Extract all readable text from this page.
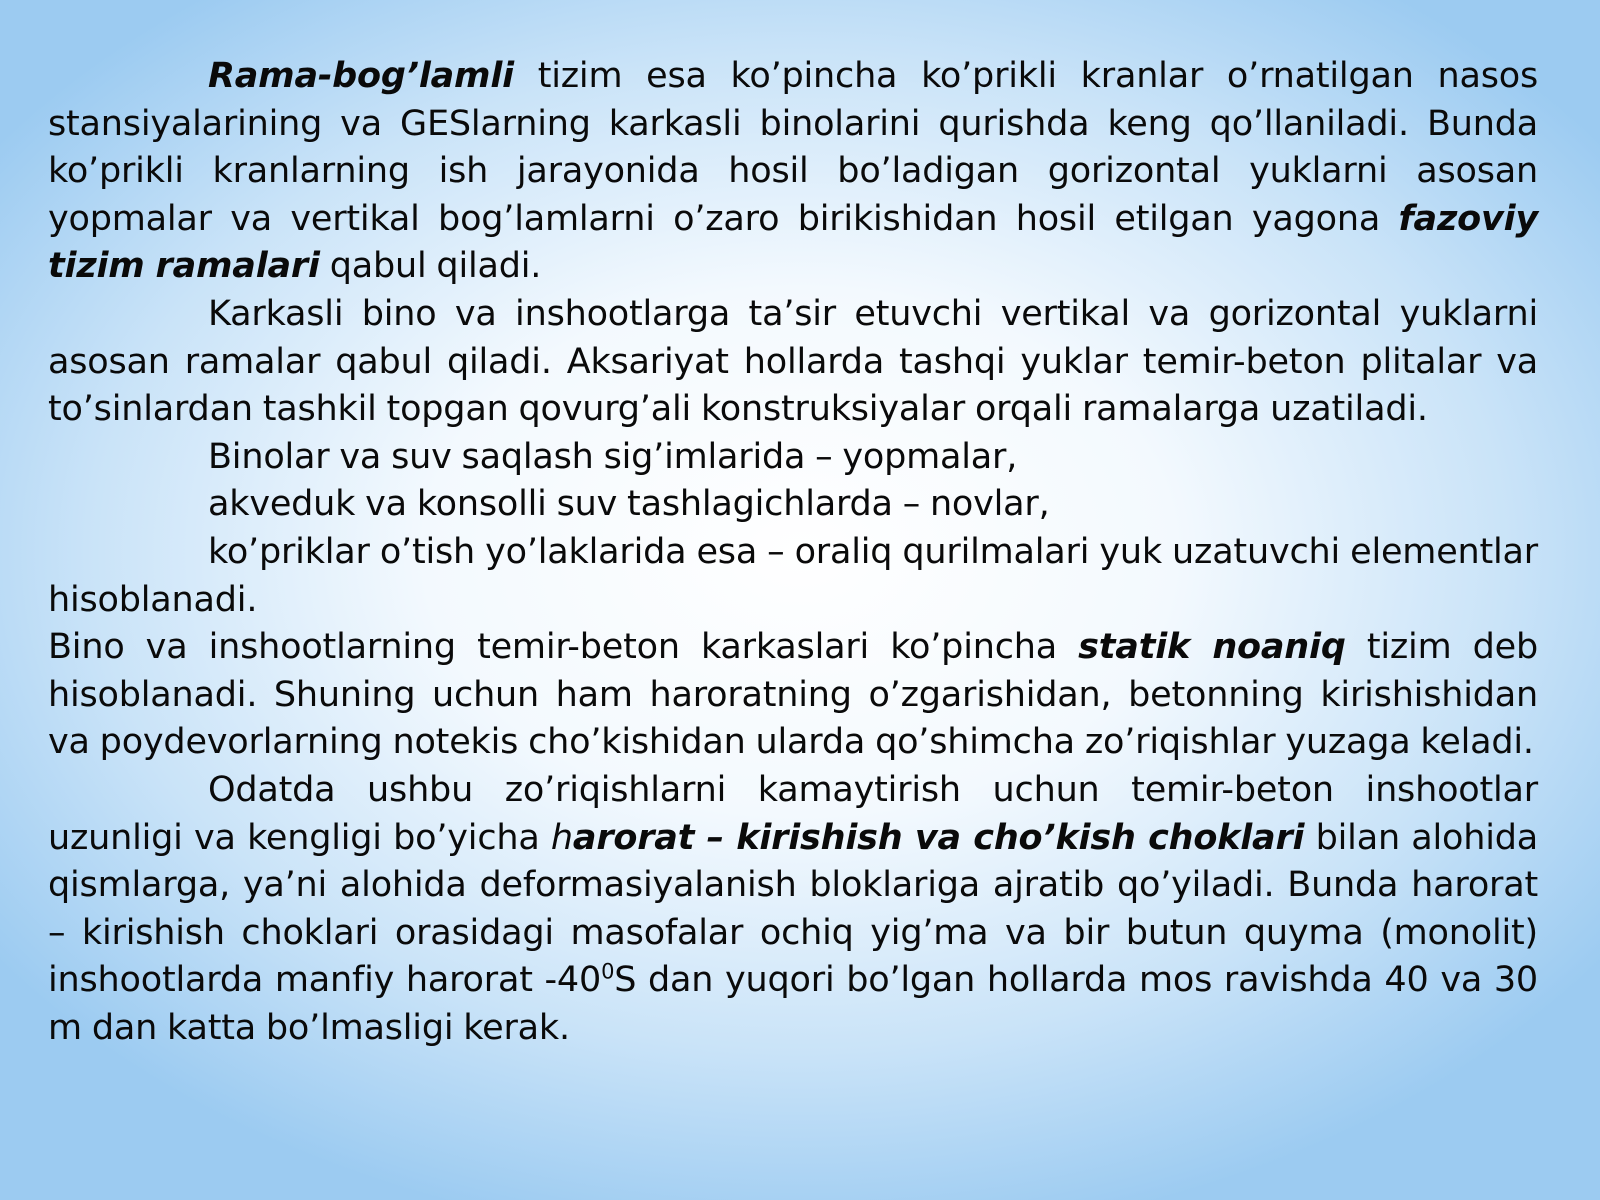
Rama-bog’lamli tizim esa ko’pincha ko’prikli kranlar o’rnatilgan nasos stansiyalarining va GESlarning karkasli binolarini qurishda keng qo’llaniladi. Bunda ko’prikli kranlarning ish jarayonida hosil bo’ladigan gorizontal yuklarni asosan yopmalar va vertikal bog’lamlarni o’zaro birikishidan hosil etilgan yagona fazoviy tizim ramalari qabul qiladi.

Karkasli bino va inshootlarga ta’sir etuvchi vertikal va gorizontal yuklarni asosan ramalar qabul qiladi. Aksariyat hollarda tashqi yuklar temir-beton plitalar va to’sinlardan tashkil topgan qovurg’ali konstruksiyalar orqali ramalarga uzatiladi.

Binolar va suv saqlash sig’imlarida – yopmalar,

akveduk va konsolli suv tashlagichlarda – novlar,

ko’priklar o’tish yo’laklarida esa – oraliq qurilmalari yuk uzatuvchi elementlar hisoblanadi.

Bino va inshootlarning temir-beton karkaslari ko’pincha statik noaniq tizim deb hisoblanadi. Shuning uchun ham haroratning o’zgarishidan, betonning kirishishidan va poydevorlarning notekis cho’kishidan ularda qo’shimcha zo’riqishlar yuzaga keladi.

Odatda ushbu zo’riqishlarni kamaytirish uchun temir-beton inshootlar uzunligi va kengligi bo’yicha harorat – kirishish va cho’kish choklari bilan alohida qismlarga, ya’ni alohida deformasiyalanish bloklariga ajratib qo’yiladi. Bunda harorat – kirishish choklari orasidagi masofalar ochiq yig’ma va bir butun quyma (monolit) inshootlarda manfiy harorat $-40^0S$ dan yuqori bo’lgan hollarda mos ravishda 40 va 30 m dan katta bo’lmasligi kerak.
